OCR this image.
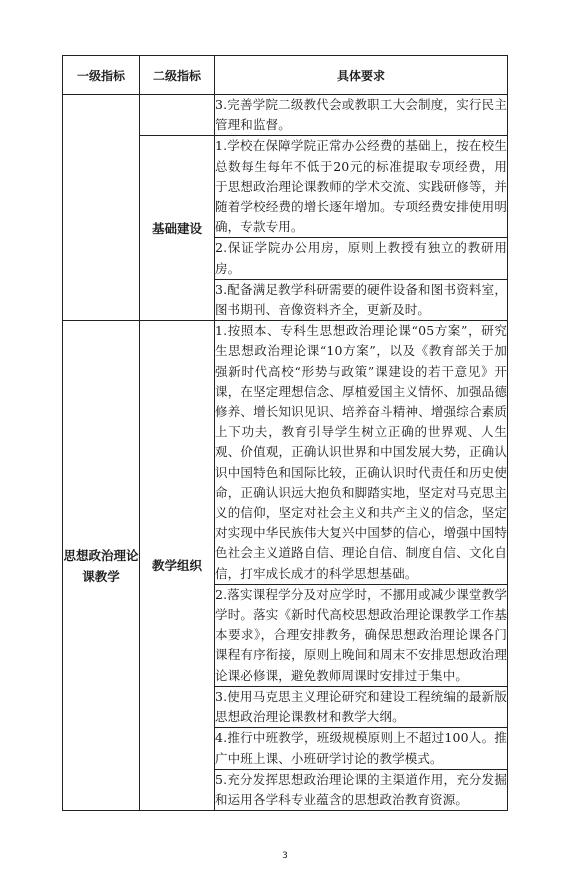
一级指标	二级指标	具体要求
		3.完善学院二级教代会或教职工大会制度，实行民主管理和监督。
	基础建设	1.学校在保障学院正常办公经费的基础上，按在校生总数每生每年不低于20元的标准提取专项经费，用于思想政治理论课教师的学术交流、实践研修等，并随着学校经费的增长逐年增加。专项经费安排使用明确，专款专用。
		2.保证学院办公用房，原则上教授有独立的教研用房。
		3.配备满足教学科研需要的硬件设备和图书资料室，图书期刊、音像资料齐全，更新及时。
思想政治理论课教学	教学组织	1.按照本、专科生思想政治理论课“05方案”，研究生思想政治理论课“10方案”，以及《教育部关于加强新时代高校“形势与政策”课建设的若干意见》开课，在坚定理想信念、厚植爱国主义情怀、加强品德修养、增长知识见识、培养奋斗精神、增强综合素质上下功夫，教育引导学生树立正确的世界观、人生观、价值观，正确认识世界和中国发展大势，正确认识中国特色和国际比较，正确认识时代责任和历史使命，正确认识远大抱负和脚踏实地，坚定对马克思主义的信仰，坚定对社会主义和共产主义的信念，坚定对实现中华民族伟大复兴中国梦的信心，增强中国特色社会主义道路自信、理论自信、制度自信、文化自信，打牢成长成才的科学思想基础。
		2.落实课程学分及对应学时，不挪用或减少课堂教学学时。落实《新时代高校思想政治理论课教学工作基本要求》，合理安排教务，确保思想政治理论课各门课程有序衔接，原则上晚间和周末不安排思想政治理论课必修课，避免教师周课时安排过于集中。
		3.使用马克思主义理论研究和建设工程统编的最新版思想政治理论课教材和教学大纲。
		4.推行中班教学，班级规模原则上不超过100人。推广中班上课、小班研学讨论的教学模式。
		5.充分发挥思想政治理论课的主渠道作用，充分发掘和运用各学科专业蕴含的思想政治教育资源。
3
